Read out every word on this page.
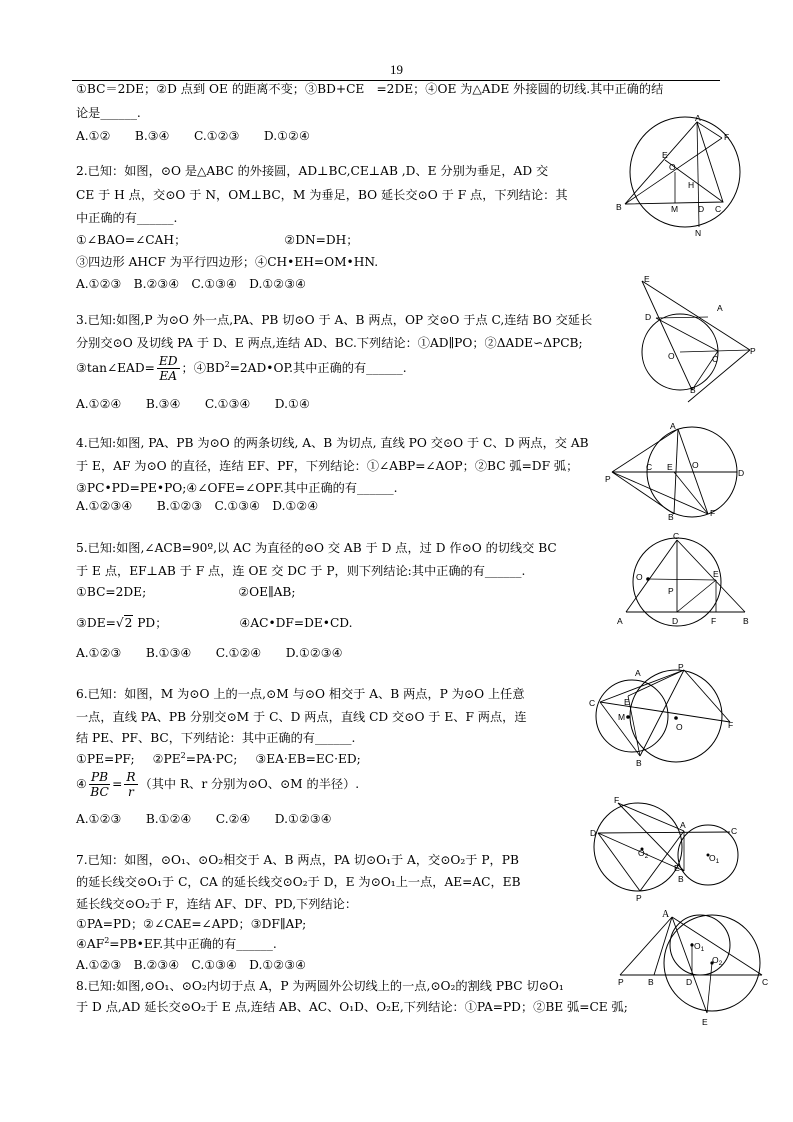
19
①BC＝2DE；②D 点到 OE 的距离不变；③BD+CE　=2DE；④OE 为△ADE 外接圆的切线.其中正确的结
论是______.
A.①②　　B.③④　　C.①②③　　D.①②④
2.已知：如图，⊙O 是△ABC 的外接圆，AD⊥BC,CE⊥AB ,D、E 分别为垂足，AD 交
CE 于 H 点，交⊙O 于 N，OM⊥BC，M 为垂足，BO 延长交⊙O 于 F 点，下列结论：其
中正确的有______.
①∠BAO=∠CAH；	②DN=DH；
③四边形 AHCF 为平行四边形；④CH•EH=OM•HN.
A.①②③　B.②③④　C.①③④　D.①②③④
3.已知:如图,P 为⊙O 外一点,PA、PB 切⊙O 于 A、B 两点，OP 交⊙O 于点 C,连结 BO 交延长
分别交⊙O 及切线 PA 于 D、E 两点,连结 AD、BC.下列结论：①AD∥PO；②ΔADE∽ΔPCB;
③tan∠EAD= $\frac{ED}{EA}$ ；$④BD^2=2AD•OP$.其中正确的有______.
A.①②④　　B.③④　　C.①③④　　D.①④
4.已知:如图, PA、PB 为⊙O 的两条切线, A、B 为切点, 直线 PO 交⊙O 于 C、D 两点，交 AB
于 E，AF 为⊙O 的直径，连结 EF、PF，下列结论：①∠ABP=∠AOP；②BC 弧=DF 弧；
③PC•PD=PE•PO;④∠OFE=∠OPF.其中正确的有______.
A.①②③④　　B.①②③　C.①③④　D.①②④
5.已知:如图,∠ACB=90º,以 AC 为直径的⊙O 交 AB 于 D 点，过 D 作⊙O 的切线交 BC
于 E 点，EF⊥AB 于 F 点，连 OE 交 DC 于 P，则下列结论:其中正确的有______.
①BC=2DE;	②OE∥AB;
③DE=√2 PD；	④AC•DF=DE•CD.
A.①②③　　B.①③④　　C.①②④　　D.①②③④
6.已知：如图，M 为⊙O 上的一点,⊙M 与⊙O 相交于 A、B 两点，P 为⊙O 上任意
一点，直线 PA、PB 分别交⊙M 于 C、D 两点，直线 CD 交⊙O 于 E、F 两点，连
结 PE、PF、BC，下列结论：其中正确的有______.
①PE=PF; $②PE^2=PA\cdot PC$; ③EA·EB=EC·ED;
④ $\frac{PB}{BC} = \frac{R}{r}$ （其中 R、r 分别为⊙O、⊙M 的半径）.
A.①②③　　B.①②④　　C.②④　　D.①②③④
7.已知：如图，⊙O₁、⊙O₂相交于 A、B 两点，PA 切⊙O₁于 A，交⊙O₂于 P，PB
的延长线交⊙O₁于 C，CA 的延长线交⊙O₂于 D，E 为⊙O₁上一点，AE=AC，EB
延长线交⊙O₂于 F，连结 AF、DF、PD,下列结论：
①PA=PD；②∠CAE=∠APD；③DF∥AP;
$④AF^2=PB•EF$.其中正确的有______.
A.①②③　B.②③④　C.①③④　D.①②③④
8.已知:如图,⊙O₁、⊙O₂内切于点 A，P 为两圆外公切线上的一点,⊙O₂的割线 PBC 切⊙O₁
于 D 点,AD 延长交⊙O₂于 E 点,连结 AB、AC、O₁D、O₂E,下列结论：①PA=PD；②BE 弧=CE 弧;
A
F
E
O
H
B	M D C
N
E
A
D
O	C
P
B
A
P
C E O
D
B	F
C
O
P
E
A	D	F	B
A
P
C	E
M
O	F
B
F
A
C
D
$O_2$	$O_1$
E
B
P
A
$O_1$
$O_2$
P	B	D	C
E
